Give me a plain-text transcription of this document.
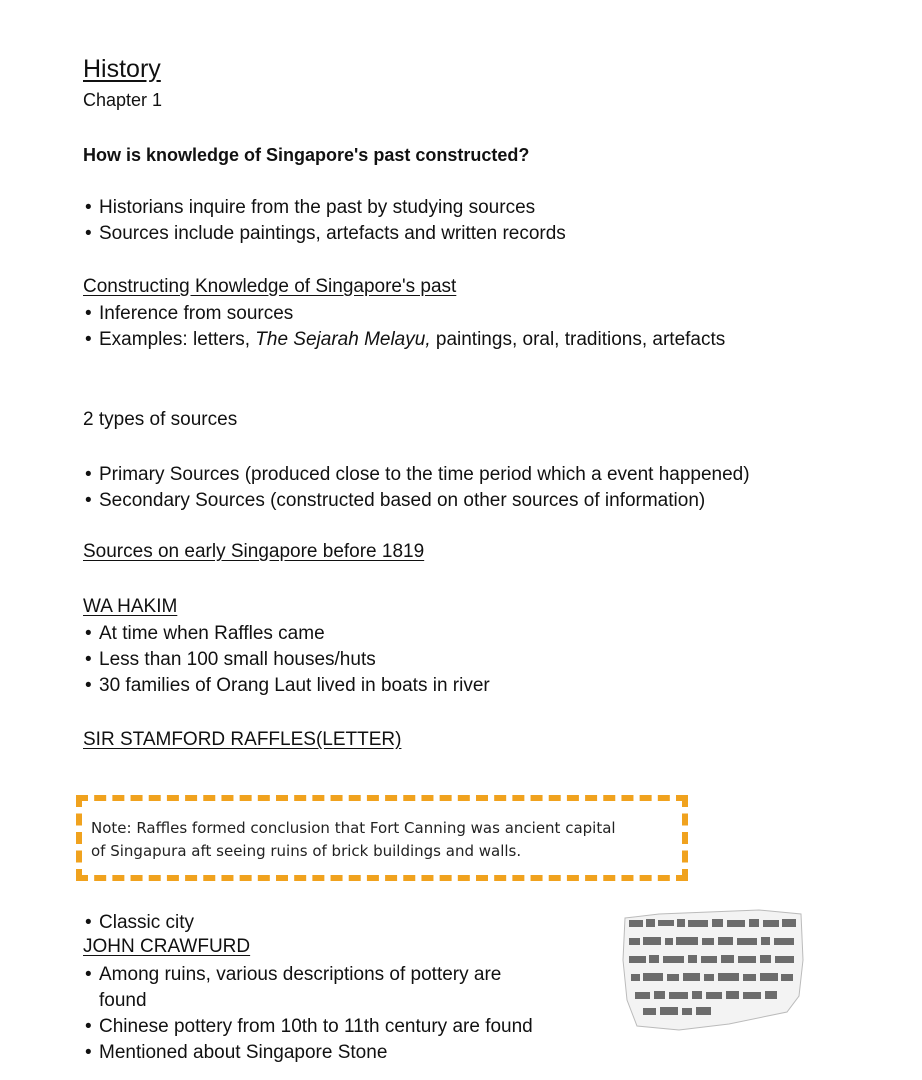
History
Chapter 1
How is knowledge of Singapore's past constructed?
• Historians inquire from the past by studying sources
• Sources include paintings, artefacts and written records
Constructing Knowledge of Singapore's past
• Inference from sources
• Examples: letters, The Sejarah Melayu, paintings, oral, traditions, artefacts
2 types of sources
• Primary Sources (produced close to the time period which a event happened)
• Secondary Sources (constructed based on other sources of information)
Sources on early Singapore before 1819
WA HAKIM
• At time when Raffles came
• Less than 100 small houses/huts
• 30 families of Orang Laut lived in boats in river
SIR STAMFORD RAFFLES(LETTER)
Note: Raffles formed conclusion that Fort Canning was ancient capital
of Singapura aft seeing ruins of brick buildings and walls.
• Classic city
JOHN CRAWFURD
• Among ruins, various descriptions of pottery are
found
• Chinese pottery from 10th to 11th century are found
• Mentioned about Singapore Stone
